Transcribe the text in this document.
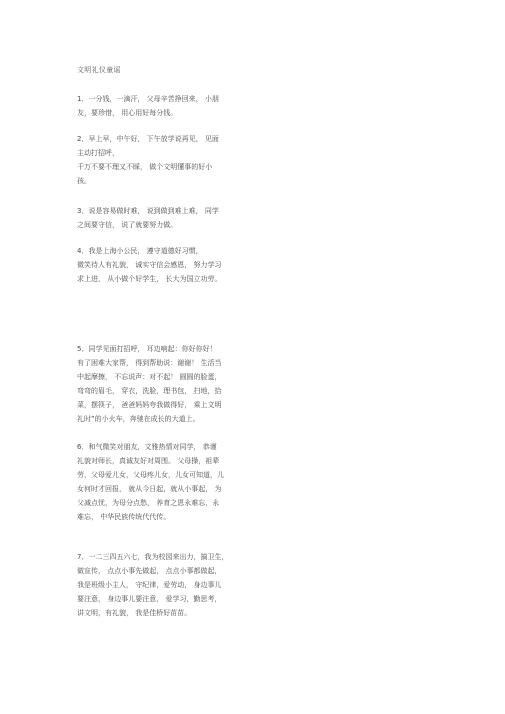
文明礼仪童谣
1．一分钱，一滴汗， 父母辛苦挣回来， 小朋
友，要珍惜， 用心用好每分钱。
2．早上早，中午好， 下午放学说再见， 见面
主动打招呼，
千万不要不理又不睬， 做个文明懂事的好小
孩。
3．说是容易做时难， 说到做到难上难， 同学
之间要守信， 说了就要努力做。
4．我是上海小公民， 遵守道德好习惯，
微笑待人有礼貌， 诚实守信会感恩， 努力学习
求上进， 从小做个好学生， 长大为国立功劳。
5．同学见面打招呼， 耳边响起：你好你好！
有了困难大家帮， 得到帮助说：谢谢！ 生活当
中起摩擦， 不忘说声：对不起！ 圆圆的脸蛋，
弯弯的眉毛， 穿衣，洗脸，理书包， 扫地，拾
菜，摆筷子， 爸爸妈妈夸我做得好， 乘上文明
礼时”的小火车，奔驰在成长的大道上。
6．和气微笑对朋友，文雅热情对同学， 恭谨
礼貌对师长，真诚友好对周围。 父母操，祖辈
劳，父母爱儿女，父母疼儿女，儿女可知道，儿
女何时才回报， 就从今日起，就从小事起， 为
父减点忧，为母分点愁， 养育之恩永难忘，永
难忘， 中华民族传统代代传。
7．一二三四五六七，我为校园来出力，搞卫生，
做宣传， 点点小事先做起， 点点小事都做起，
我是班级小主人， 守纪律，爱劳动， 身边事儿
要注意， 身边事儿要注意， 爱学习，勤思考，
讲文明，有礼貌， 我是佳桥好苗苗。
